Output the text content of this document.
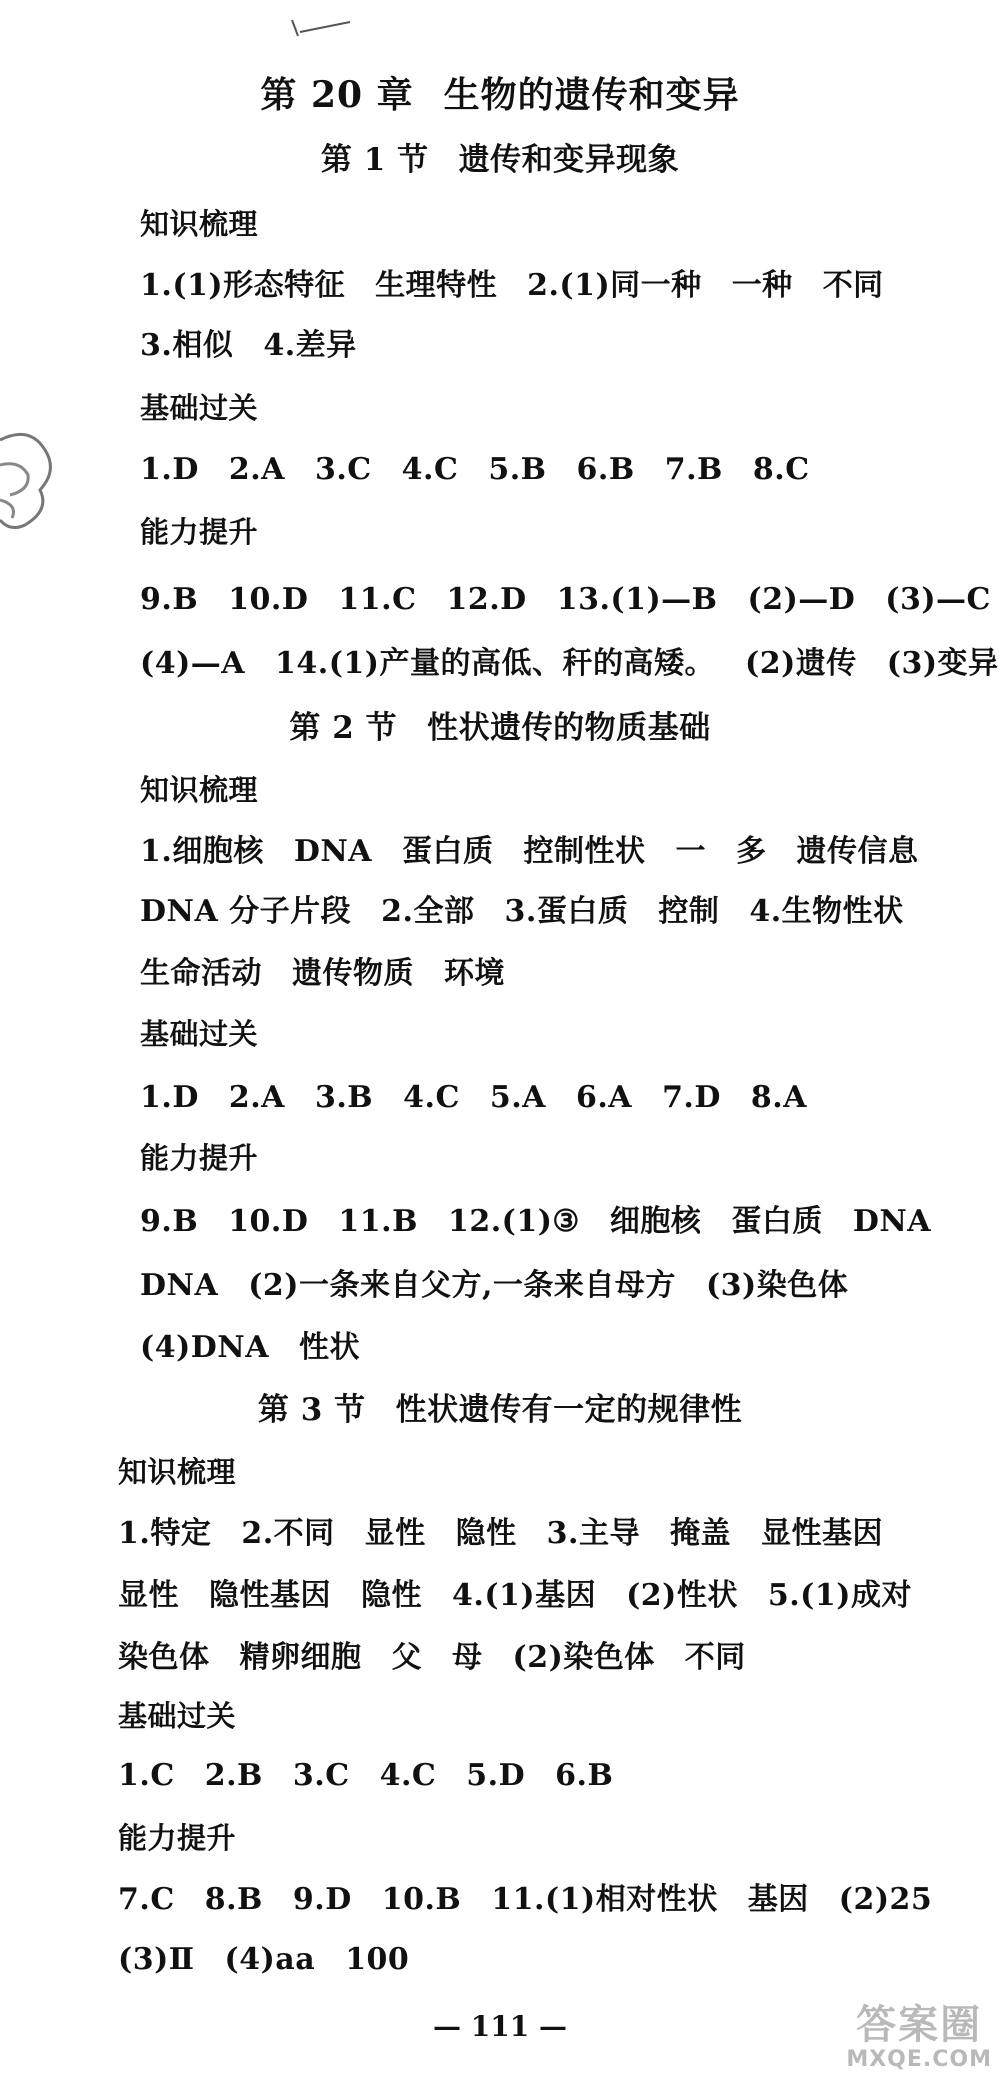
第 20 章 生物的遗传和变异
第 1 节 遗传和变异现象
知识梳理
1.(1)形态特征 生理特性 2.(1)同一种 一种 不同
3.相似 4.差异
基础过关
1.D 2.A 3.C 4.C 5.B 6.B 7.B 8.C
能力提升
9.B 10.D 11.C 12.D 13.(1)—B (2)—D (3)—C
(4)—A 14.(1)产量的高低、秆的高矮。 (2)遗传 (3)变异
第 2 节 性状遗传的物质基础
知识梳理
1.细胞核 DNA 蛋白质 控制性状 一 多 遗传信息
DNA 分子片段 2.全部 3.蛋白质 控制 4.生物性状
生命活动 遗传物质 环境
基础过关
1.D 2.A 3.B 4.C 5.A 6.A 7.D 8.A
能力提升
9.B 10.D 11.B 12.(1)③ 细胞核 蛋白质 DNA
DNA (2)一条来自父方,一条来自母方 (3)染色体
(4)DNA 性状
第 3 节 性状遗传有一定的规律性
知识梳理
1.特定 2.不同 显性 隐性 3.主导 掩盖 显性基因
显性 隐性基因 隐性 4.(1)基因 (2)性状 5.(1)成对
染色体 精卵细胞 父 母 (2)染色体 不同
基础过关
1.C 2.B 3.C 4.C 5.D 6.B
能力提升
7.C 8.B 9.D 10.B 11.(1)相对性状 基因 (2)25
(3)Ⅱ (4)aa 100
— 111 —	答案圈
MXQE.COM
